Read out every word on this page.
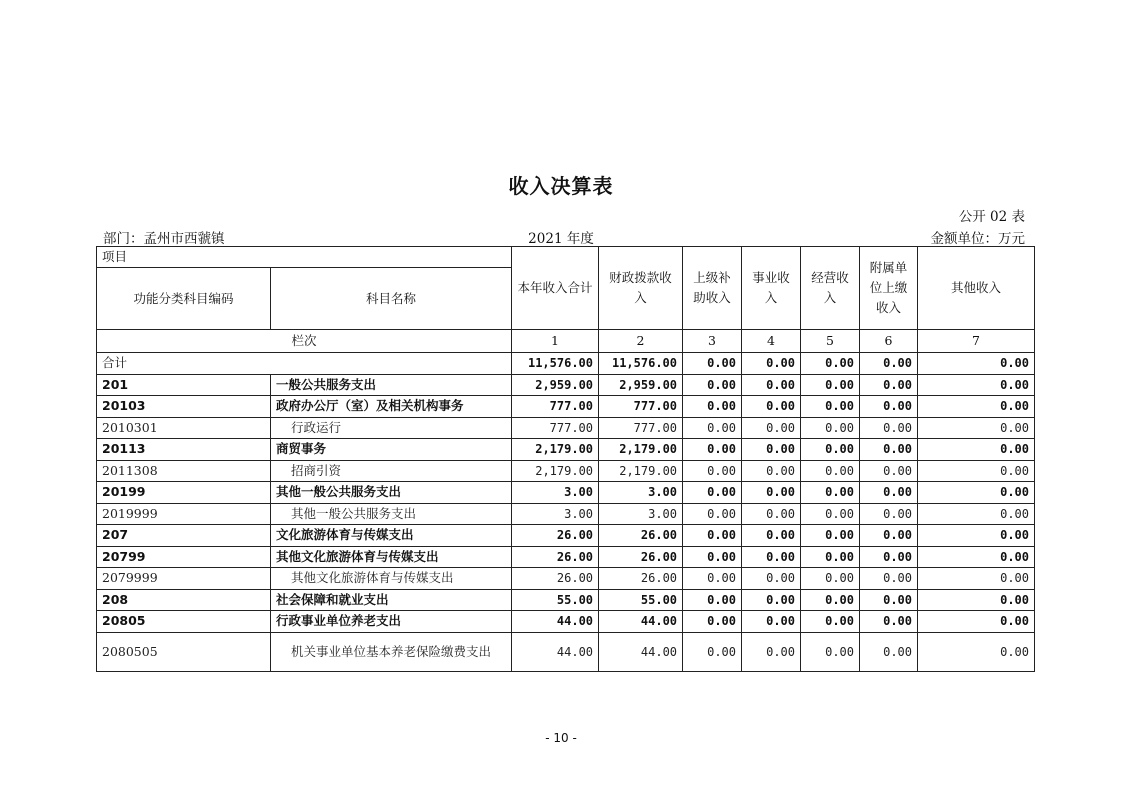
收入决算表
公开 02 表
部门：孟州市西虢镇	2021 年度	金额单位：万元
项目		本年收入合计	财政拨款收入	上级补助收入	事业收入	经营收入	附属单位上缴收入	其他收入
功能分类科目编码	科目名称							
栏次		1	2	3	4	5	6	7
合计		11,576.00	11,576.00	0.00	0.00	0.00	0.00	0.00
201	一般公共服务支出	2,959.00	2,959.00	0.00	0.00	0.00	0.00	0.00
20103	政府办公厅（室）及相关机构事务	777.00	777.00	0.00	0.00	0.00	0.00	0.00
2010301	行政运行	777.00	777.00	0.00	0.00	0.00	0.00	0.00
20113	商贸事务	2,179.00	2,179.00	0.00	0.00	0.00	0.00	0.00
2011308	招商引资	2,179.00	2,179.00	0.00	0.00	0.00	0.00	0.00
20199	其他一般公共服务支出	3.00	3.00	0.00	0.00	0.00	0.00	0.00
2019999	其他一般公共服务支出	3.00	3.00	0.00	0.00	0.00	0.00	0.00
207	文化旅游体育与传媒支出	26.00	26.00	0.00	0.00	0.00	0.00	0.00
20799	其他文化旅游体育与传媒支出	26.00	26.00	0.00	0.00	0.00	0.00	0.00
2079999	其他文化旅游体育与传媒支出	26.00	26.00	0.00	0.00	0.00	0.00	0.00
208	社会保障和就业支出	55.00	55.00	0.00	0.00	0.00	0.00	0.00
20805	行政事业单位养老支出	44.00	44.00	0.00	0.00	0.00	0.00	0.00
2080505	机关事业单位基本养老保险缴费支出	44.00	44.00	0.00	0.00	0.00	0.00	0.00
- 10 -
